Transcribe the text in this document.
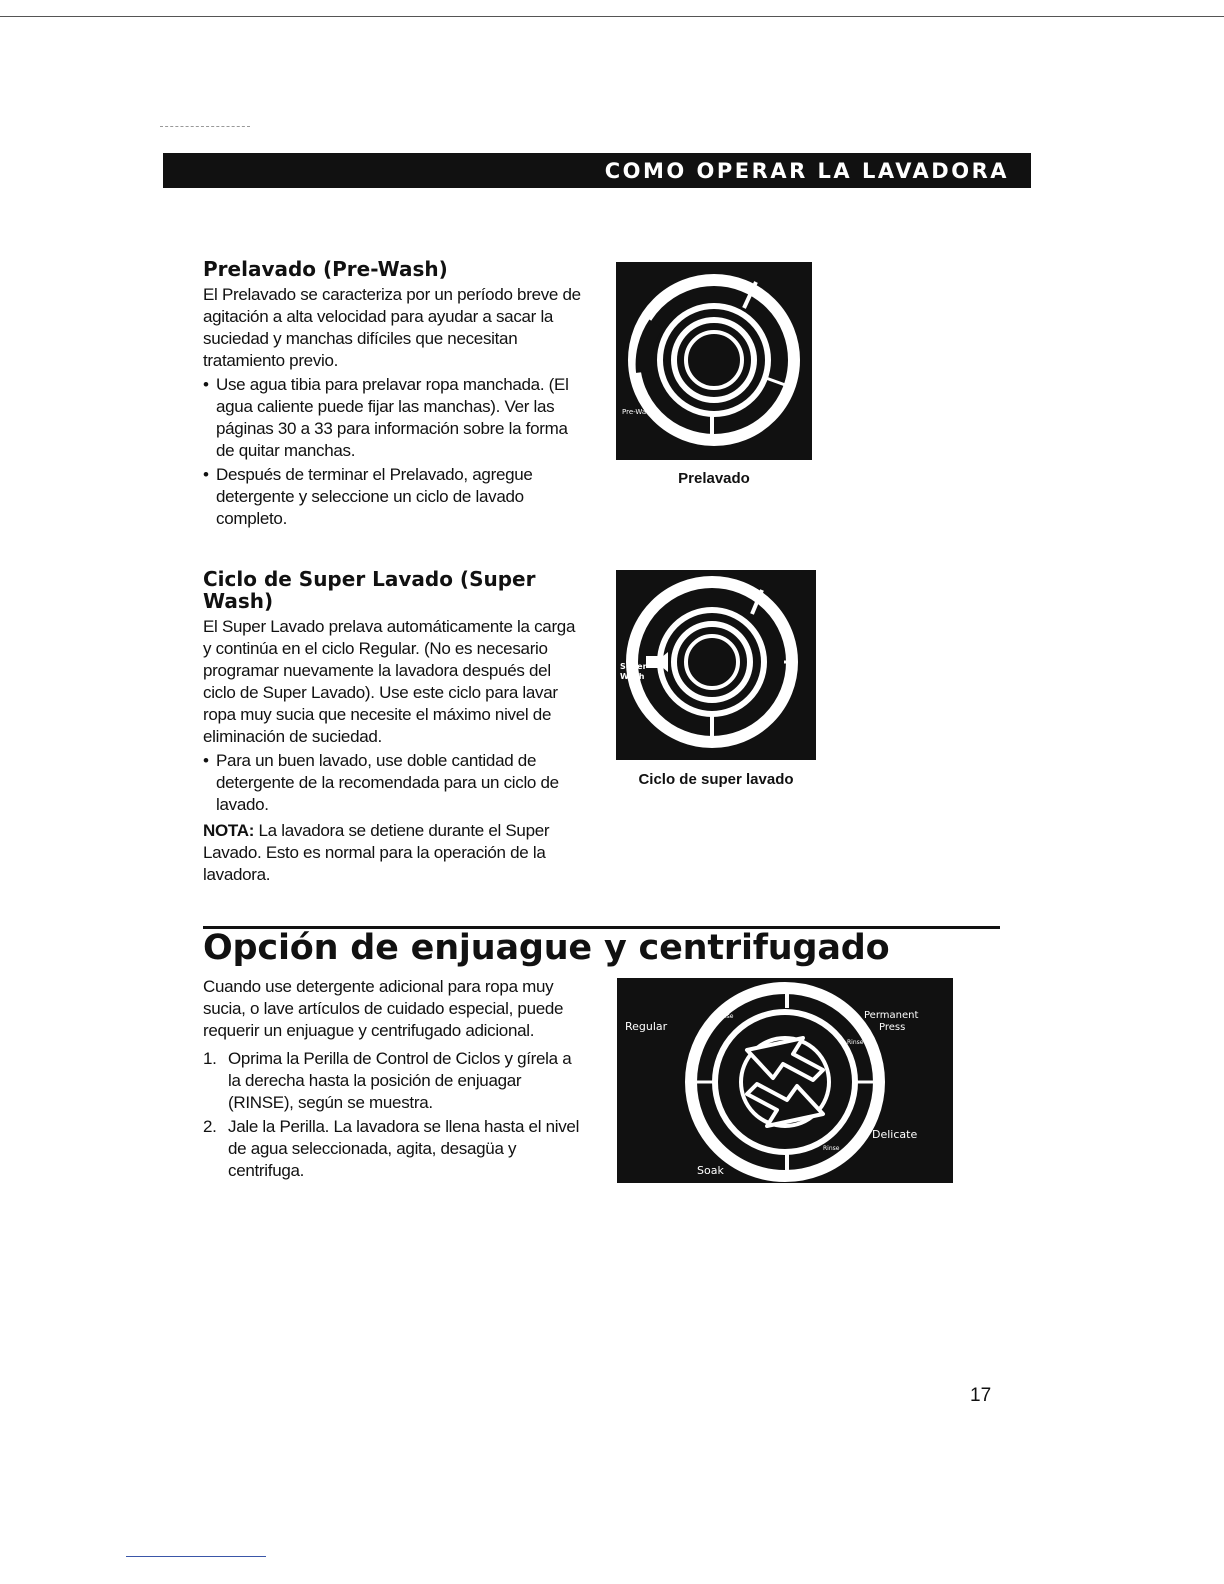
COMO OPERAR LA LAVADORA
Prelavado (Pre-Wash)

El Prelavado se caracteriza por un período breve de agitación a alta velocidad para ayudar a sacar la suciedad y manchas difíciles que necesitan tratamiento previo.

• Use agua tibia para prelavar ropa manchada. (El agua caliente puede fijar las manchas). Ver las páginas 30 a 33 para información sobre la forma de quitar manchas.
• Después de terminar el Prelavado, agregue detergente y seleccione un ciclo de lavado completo.
Ciclo de Super Lavado (Super Wash)

El Super Lavado prelava automáticamente la carga y continúa en el ciclo Regular. (No es necesario programar nuevamente la lavadora después del ciclo de Super Lavado). Use este ciclo para lavar ropa muy sucia que necesite el máximo nivel de eliminación de suciedad.

• Para un buen lavado, use doble cantidad de detergente de la recomendada para un ciclo de lavado.

NOTA: La lavadora se detiene durante el Super Lavado. Esto es normal para la operación de la lavadora.

Pre-Wash
Prelavado
Super
Wash
Ciclo de super lavado
Opción de enjuague y centrifugado

Cuando use detergente adicional para ropa muy sucia, o lave artículos de cuidado especial, puede requerir un enjuague y centrifugado adicional.

1. Oprima la Perilla de Control de Ciclos y gírela a la derecha hasta la posición de enjuagar (RINSE), según se muestra.
2. Jale la Perilla. La lavadora se llena hasta el nivel de agua seleccionada, agita, desagüa y centrifuga.
Regular
Permanent
Press
Delicate
Soak
Rinse
Rinse
Rinse
17
